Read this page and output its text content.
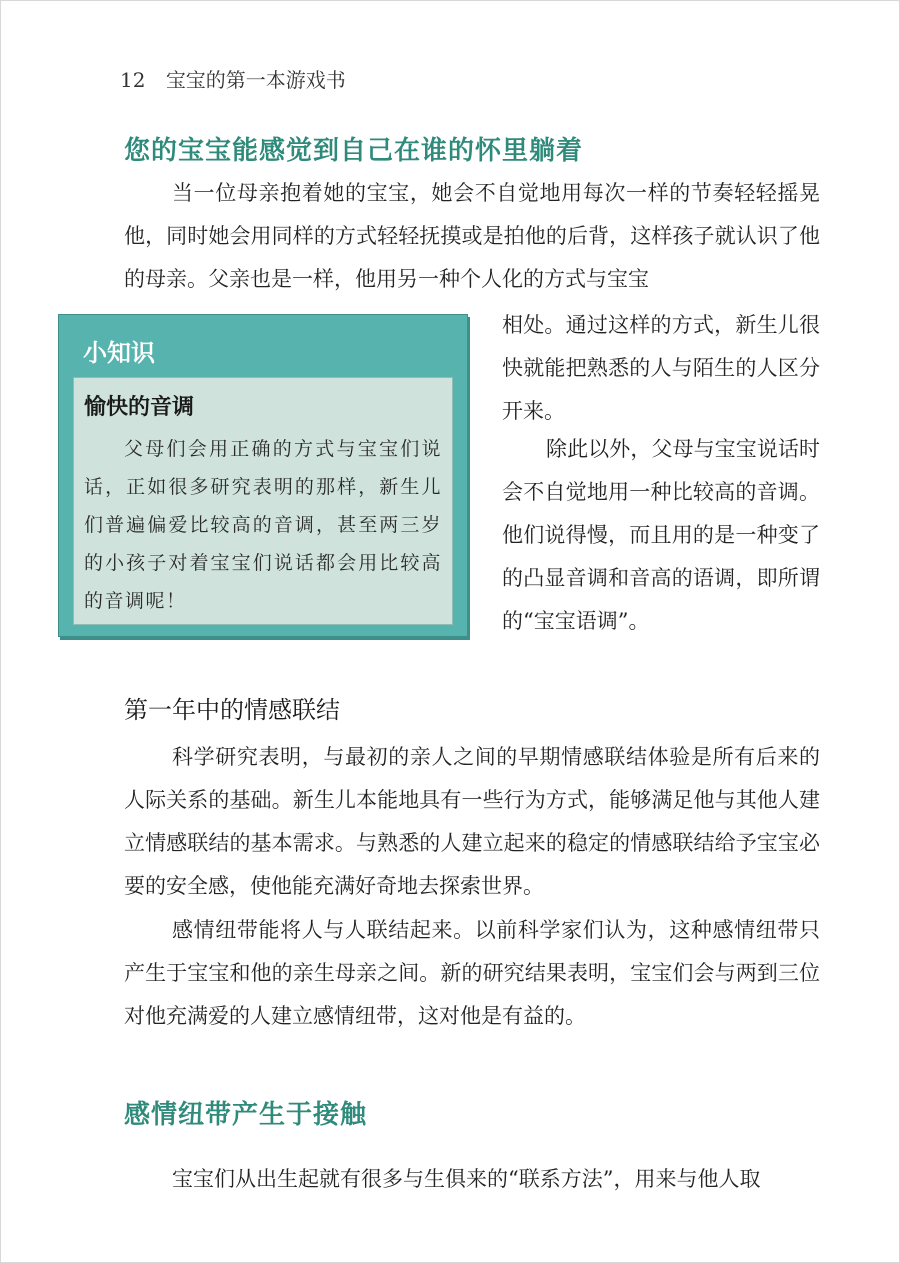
12 宝宝的第一本游戏书
您的宝宝能感觉到自己在谁的怀里躺着

当一位母亲抱着她的宝宝，她会不自觉地用每次一样的节奏轻轻摇晃他，同时她会用同样的方式轻轻抚摸或是拍他的后背，这样孩子就认识了他的母亲。父亲也是一样，他用另一种个人化的方式与宝宝

相处。通过这样的方式，新生儿很快就能把熟悉的人与陌生的人区分开来。

除此以外，父母与宝宝说话时会不自觉地用一种比较高的音调。他们说得慢，而且用的是一种变了的凸显音调和音高的语调，即所谓的“宝宝语调”。

小知识
愉快的音调

父母们会用正确的方式与宝宝们说话，正如很多研究表明的那样，新生儿们普遍偏爱比较高的音调，甚至两三岁的小孩子对着宝宝们说话都会用比较高的音调呢！

第一年中的情感联结

科学研究表明，与最初的亲人之间的早期情感联结体验是所有后来的人际关系的基础。新生儿本能地具有一些行为方式，能够满足他与其他人建立情感联结的基本需求。与熟悉的人建立起来的稳定的情感联结给予宝宝必要的安全感，使他能充满好奇地去探索世界。

感情纽带能将人与人联结起来。以前科学家们认为，这种感情纽带只产生于宝宝和他的亲生母亲之间。新的研究结果表明，宝宝们会与两到三位对他充满爱的人建立感情纽带，这对他是有益的。

感情纽带产生于接触

宝宝们从出生起就有很多与生俱来的“联系方法”，用来与他人取
